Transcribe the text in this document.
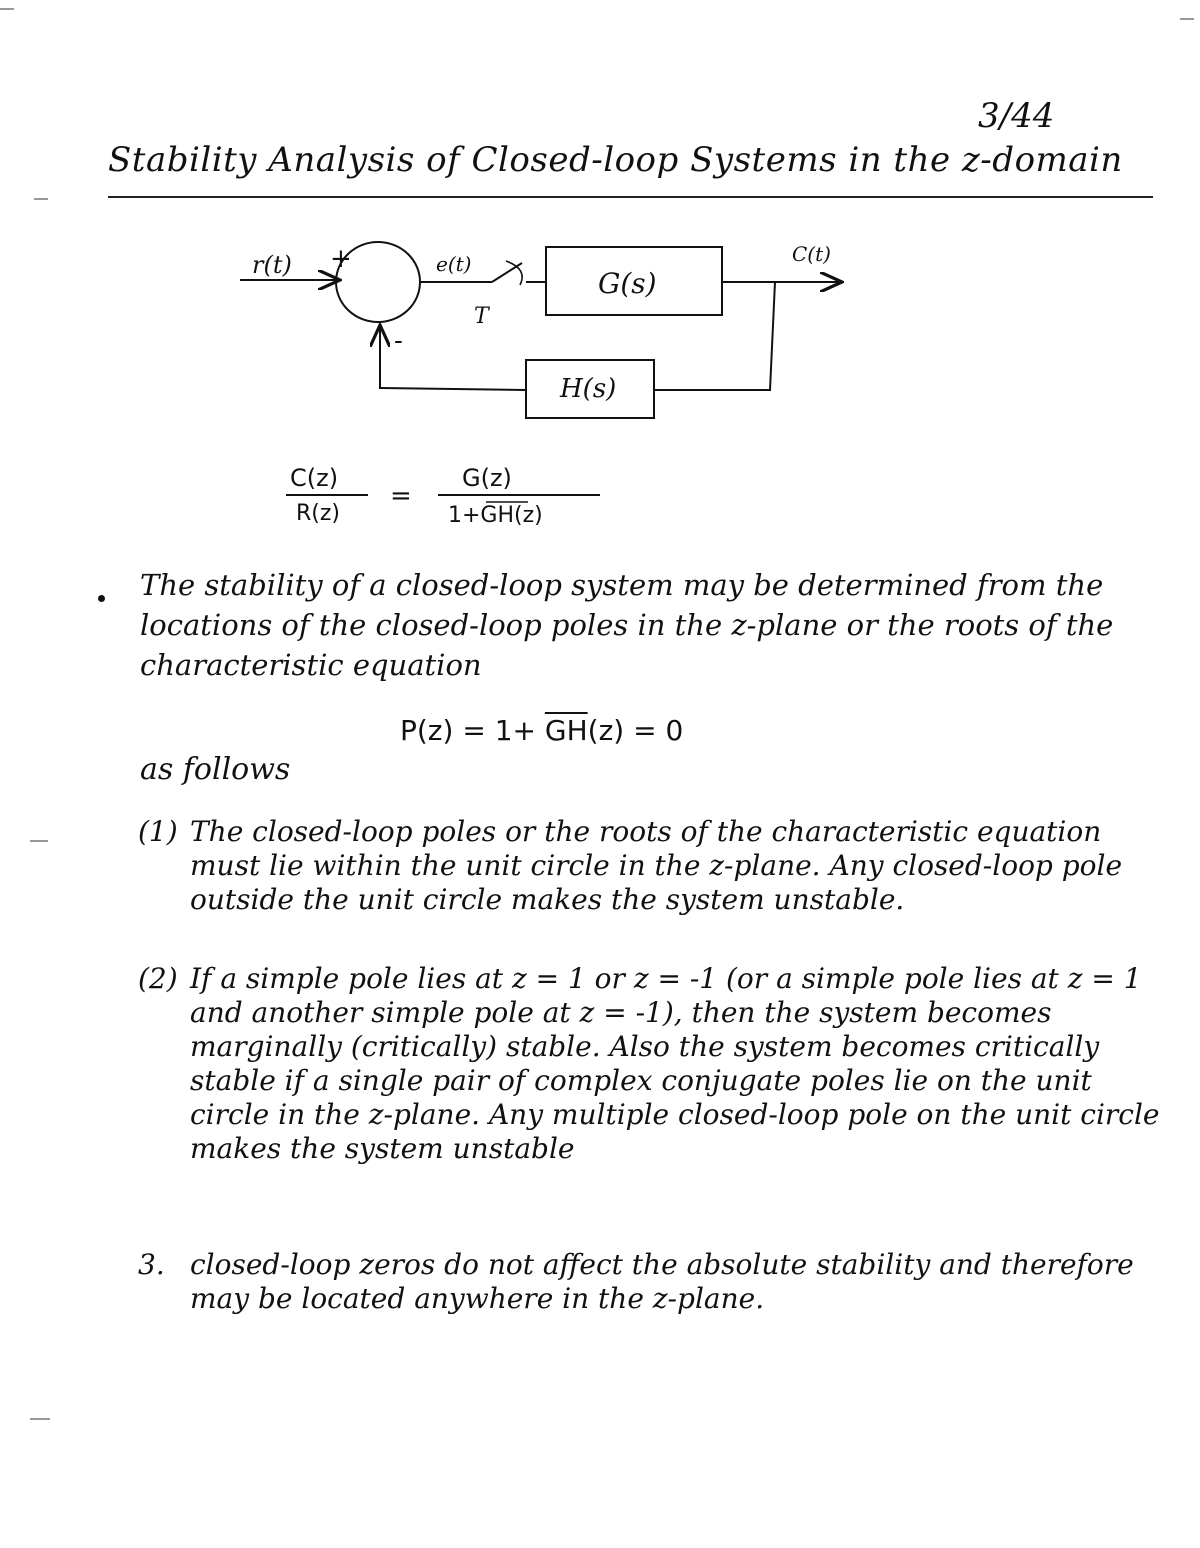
3/44
Stability Analysis of Closed-loop Systems in the z-domain
r(t) +
-
e(t)
T
G(s)
H(s)
C(t)
C(z)
R(z)
=
G(z)
1+GH(z)
The stability of a closed-loop system may be determined from the locations of the closed-loop poles in the z-plane or the roots of the characteristic equation
$P(z) = 1+ \overline{GH}(z) = 0$
as follows
(1) The closed-loop poles or the roots of the characteristic equation must lie within the unit circle in the z-plane. Any closed-loop pole outside the unit circle makes the system unstable.
(2) If a simple pole lies at z = 1 or z = -1 (or a simple pole lies at z = 1 and another simple pole at z = -1), then the system becomes marginally (critically) stable. Also the system becomes critically stable if a single pair of complex conjugate poles lie on the unit circle in the z-plane. Any multiple closed-loop pole on the unit circle makes the system unstable
3. closed-loop zeros do not affect the absolute stability and therefore may be located anywhere in the z-plane.
